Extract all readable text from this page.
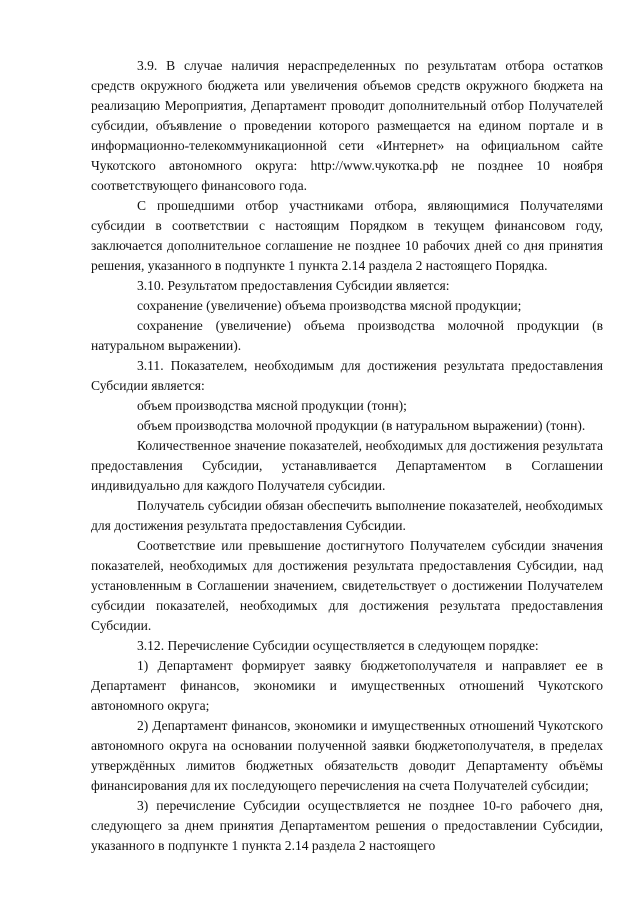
3.9. В случае наличия нераспределенных по результатам отбора остатков средств окружного бюджета или увеличения объемов средств окружного бюджета на реализацию Мероприятия, Департамент проводит дополнительный отбор Получателей субсидии, объявление о проведении которого размещается на едином портале и в информационно-телекоммуникационной сети «Интернет» на официальном сайте Чукотского автономного округа: http://www.чукотка.рф не позднее 10 ноября соответствующего финансового года.

С прошедшими отбор участниками отбора, являющимися Получателями субсидии в соответствии с настоящим Порядком в текущем финансовом году, заключается дополнительное соглашение не позднее 10 рабочих дней со дня принятия решения, указанного в подпункте 1 пункта 2.14 раздела 2 настоящего Порядка.

3.10. Результатом предоставления Субсидии является:

сохранение (увеличение) объема производства мясной продукции;

сохранение (увеличение) объема производства молочной продукции (в натуральном выражении).

3.11. Показателем, необходимым для достижения результата предоставления Субсидии является:

объем производства мясной продукции (тонн);

объем производства молочной продукции (в натуральном выражении) (тонн).

Количественное значение показателей, необходимых для достижения результата предоставления Субсидии, устанавливается Департаментом в Соглашении индивидуально для каждого Получателя субсидии.

Получатель субсидии обязан обеспечить выполнение показателей, необходимых для достижения результата предоставления Субсидии.

Соответствие или превышение достигнутого Получателем субсидии значения показателей, необходимых для достижения результата предоставления Субсидии, над установленным в Соглашении значением, свидетельствует о достижении Получателем субсидии показателей, необходимых для достижения результата предоставления Субсидии.

3.12. Перечисление Субсидии осуществляется в следующем порядке:

1) Департамент формирует заявку бюджетополучателя и направляет ее в Департамент финансов, экономики и имущественных отношений Чукотского автономного округа;

2) Департамент финансов, экономики и имущественных отношений Чукотского автономного округа на основании полученной заявки бюджетополучателя, в пределах утверждённых лимитов бюджетных обязательств доводит Департаменту объёмы финансирования для их последующего перечисления на счета Получателей субсидии;

3) перечисление Субсидии осуществляется не позднее 10-го рабочего дня, следующего за днем принятия Департаментом решения о предоставлении Субсидии, указанного в подпункте 1 пункта 2.14 раздела 2 настоящего
